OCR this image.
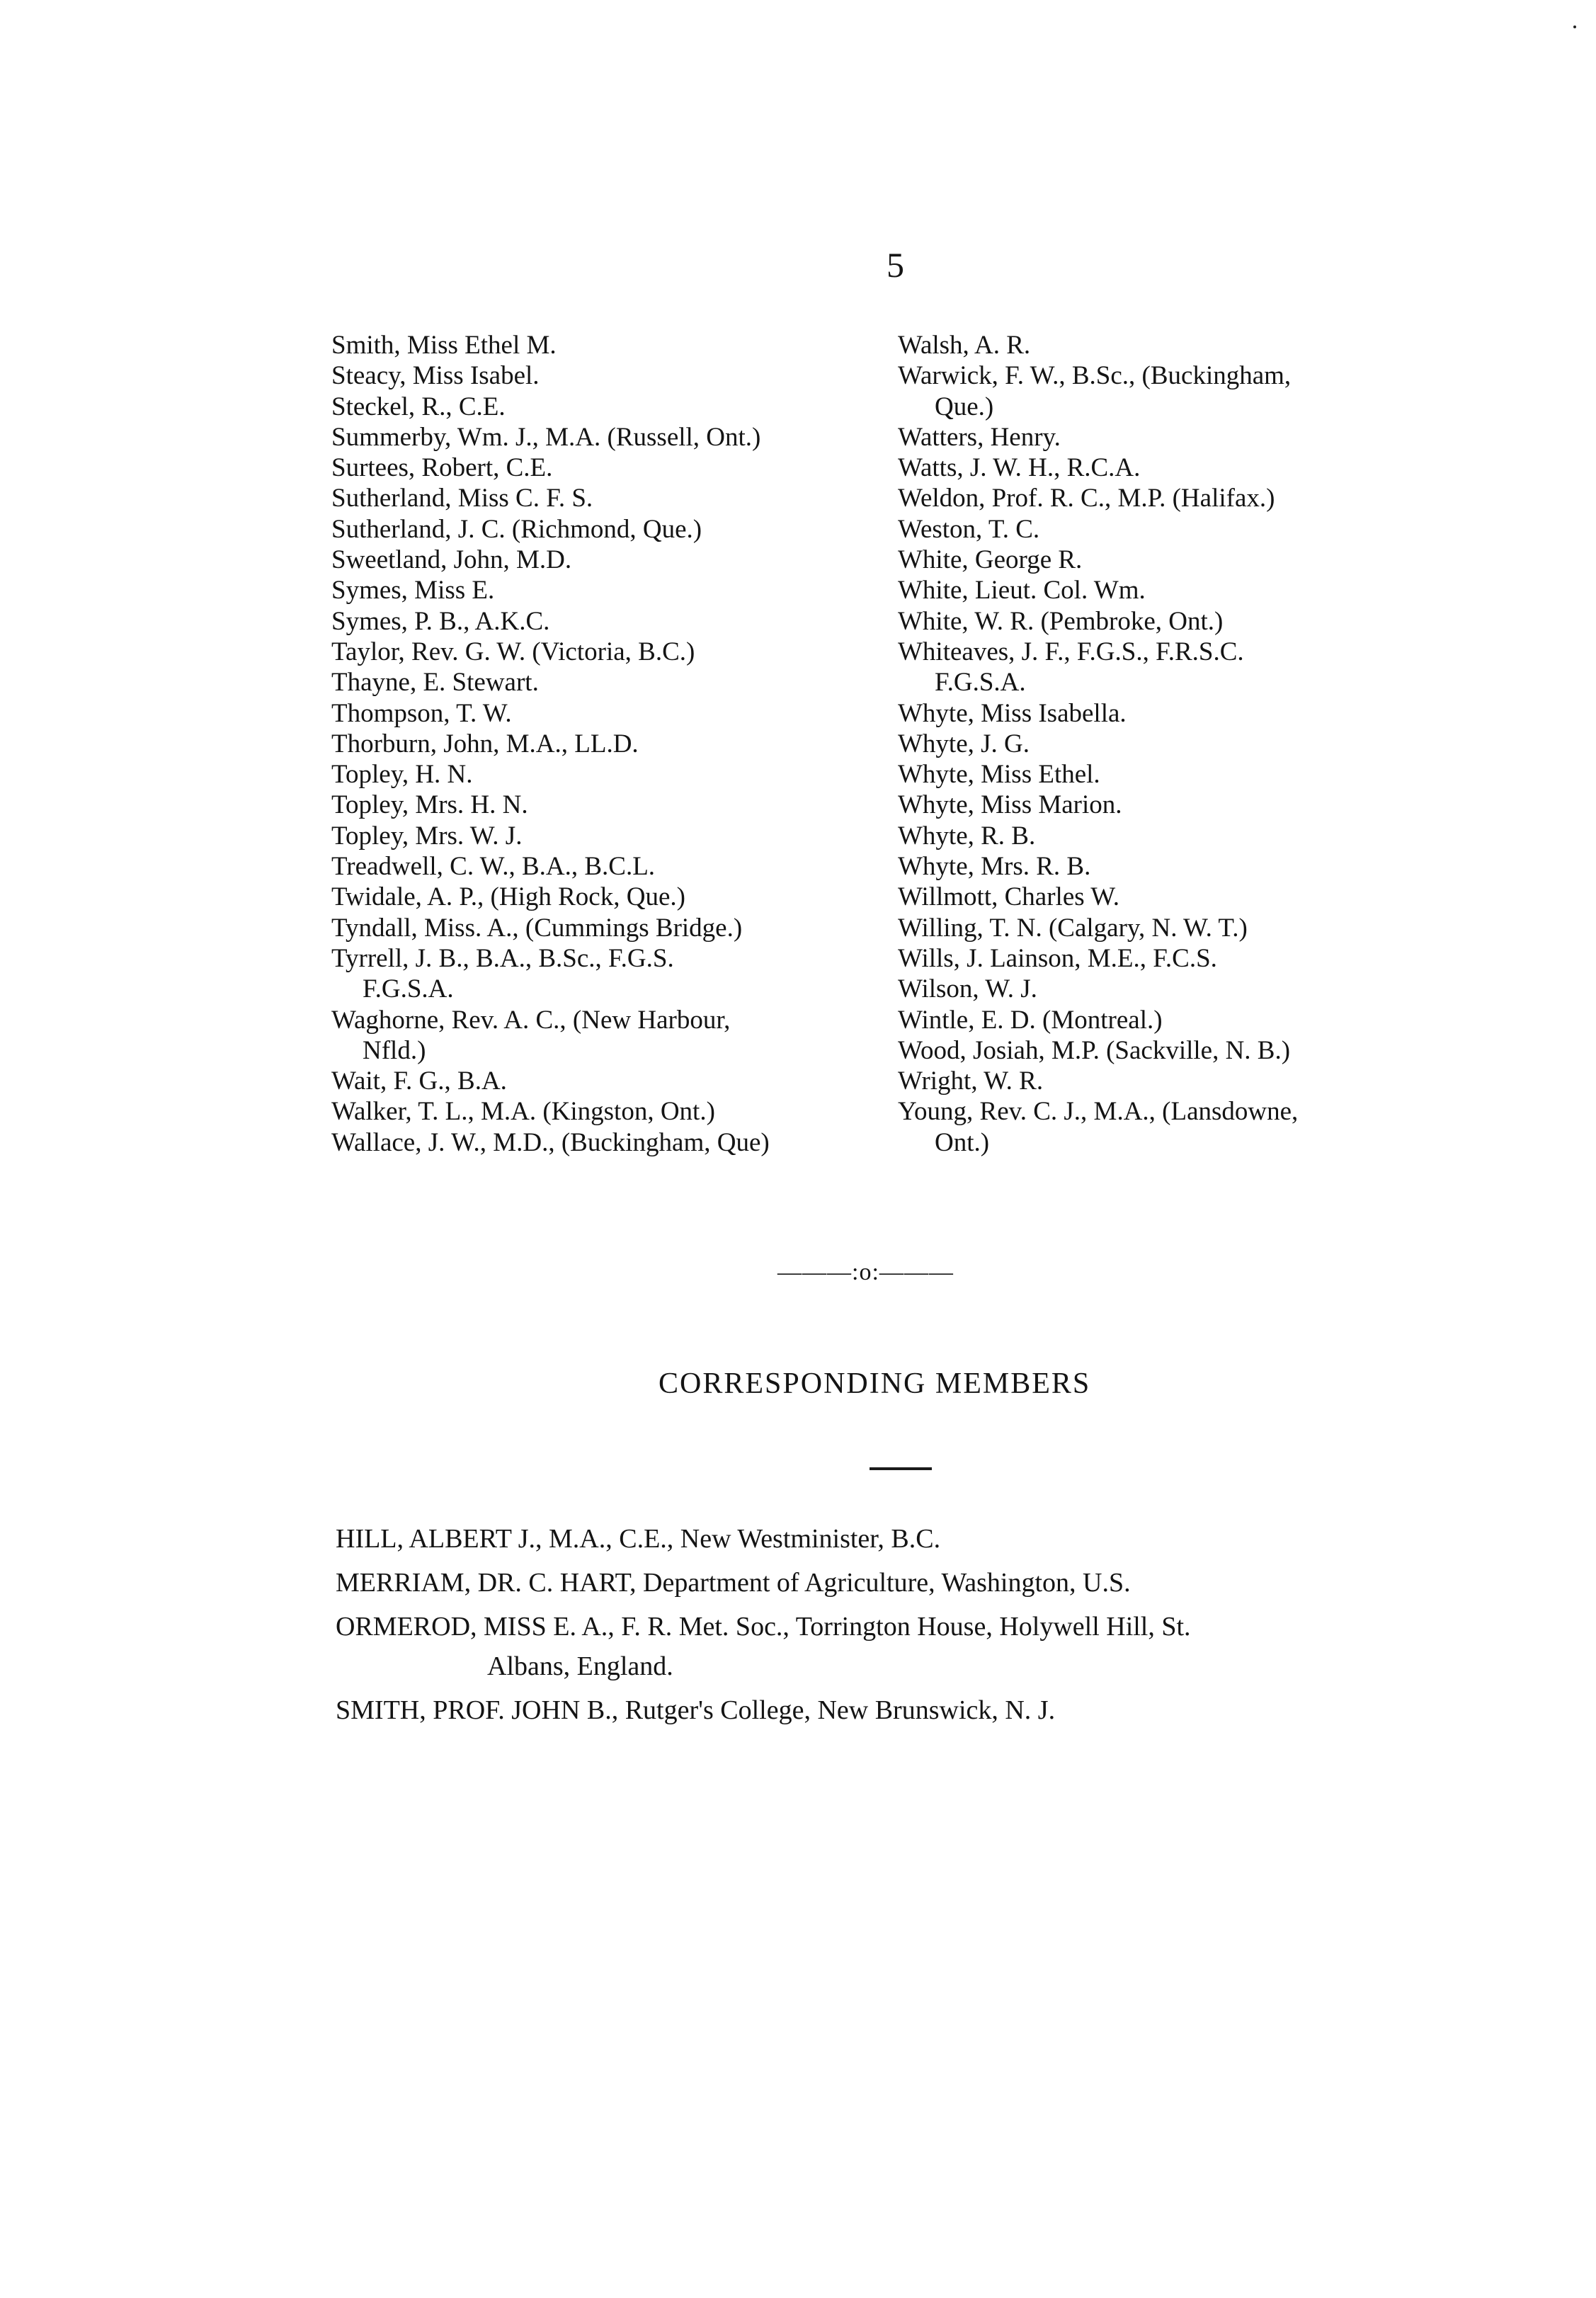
5
Smith, Miss Ethel M.
Steacy, Miss Isabel.
Steckel, R., C.E.
Summerby, Wm. J., M.A. (Russell, Ont.)
Surtees, Robert, C.E.
Sutherland, Miss C. F. S.
Sutherland, J. C. (Richmond, Que.)
Sweetland, John, M.D.
Symes, Miss E.
Symes, P. B., A.K.C.
Taylor, Rev. G. W. (Victoria, B.C.)
Thayne, E. Stewart.
Thompson, T. W.
Thorburn, John, M.A., LL.D.
Topley, H. N.
Topley, Mrs. H. N.
Topley, Mrs. W. J.
Treadwell, C. W., B.A., B.C.L.
Twidale, A. P., (High Rock, Que.)
Tyndall, Miss. A., (Cummings Bridge.)
Tyrrell, J. B., B.A., B.Sc., F.G.S.
F.G.S.A.
Waghorne, Rev. A. C., (New Harbour,
Nfld.)
Wait, F. G., B.A.
Walker, T. L., M.A. (Kingston, Ont.)
Wallace, J. W., M.D., (Buckingham, Que)
Walsh, A. R.
Warwick, F. W., B.Sc., (Buckingham,
Que.)
Watters, Henry.
Watts, J. W. H., R.C.A.
Weldon, Prof. R. C., M.P. (Halifax.)
Weston, T. C.
White, George R.
White, Lieut. Col. Wm.
White, W. R. (Pembroke, Ont.)
Whiteaves, J. F., F.G.S., F.R.S.C.
F.G.S.A.
Whyte, Miss Isabella.
Whyte, J. G.
Whyte, Miss Ethel.
Whyte, Miss Marion.
Whyte, R. B.
Whyte, Mrs. R. B.
Willmott, Charles W.
Willing, T. N. (Calgary, N. W. T.)
Wills, J. Lainson, M.E., F.C.S.
Wilson, W. J.
Wintle, E. D. (Montreal.)
Wood, Josiah, M.P. (Sackville, N. B.)
Wright, W. R.
Young, Rev. C. J., M.A., (Lansdowne,
Ont.)
———:o:———
CORRESPONDING MEMBERS
HILL, ALBERT J., M.A., C.E., New Westminister, B.C.
MERRIAM, DR. C. HART, Department of Agriculture, Washington, U.S.
ORMEROD, MISS E. A., F. R. Met. Soc., Torrington House, Holywell Hill, St.
Albans, England.
SMITH, PROF. JOHN B., Rutger's College, New Brunswick, N. J.
